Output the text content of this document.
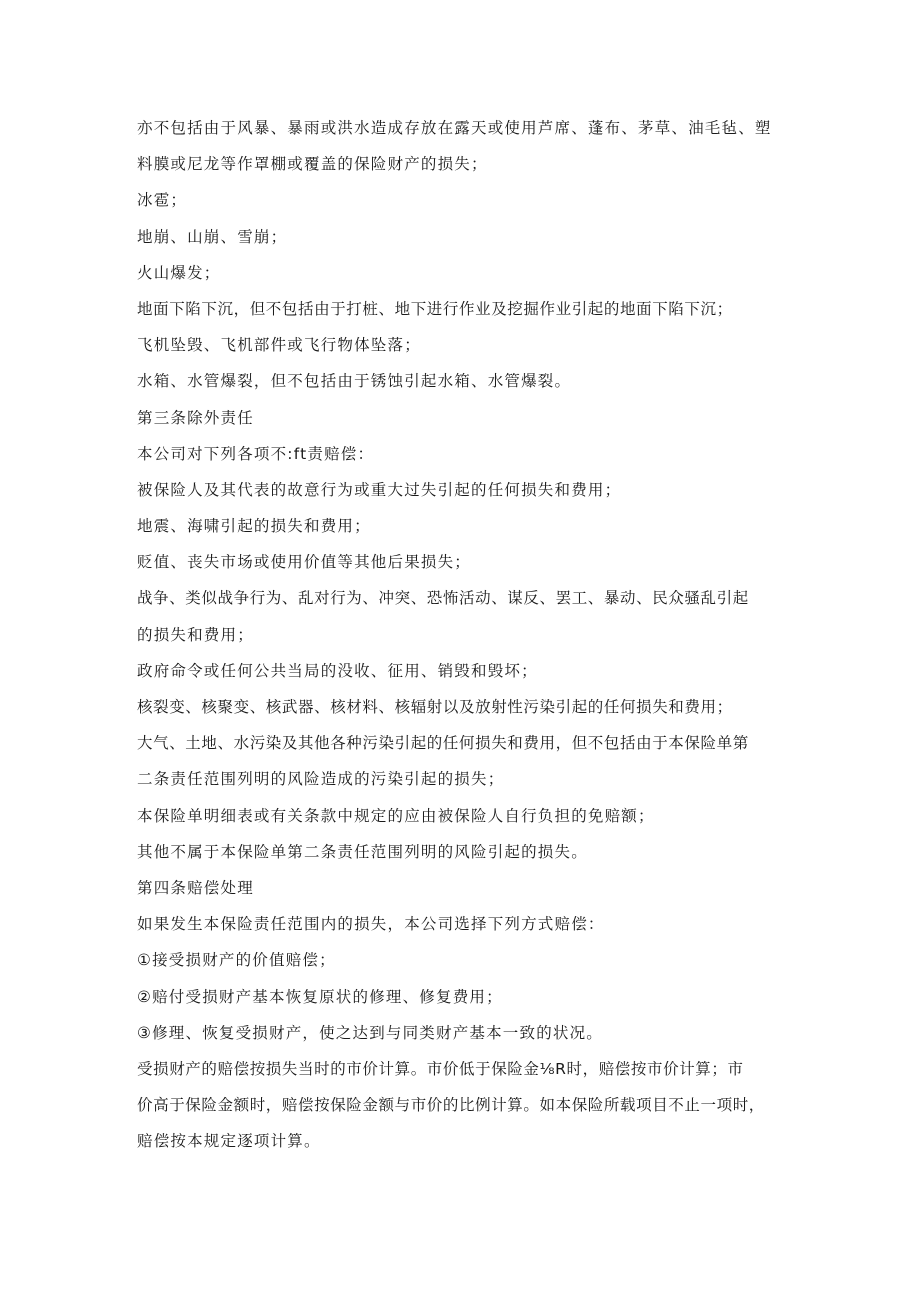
亦不包括由于风暴、暴雨或洪水造成存放在露天或使用芦席、蓬布、茅草、油毛毡、塑
料膜或尼龙等作罩棚或覆盖的保险财产的损失；
冰雹；
地崩、山崩、雪崩；
火山爆发；
地面下陷下沉，但不包括由于打桩、地下进行作业及挖掘作业引起的地面下陷下沉；
飞机坠毁、飞机部件或飞行物体坠落；
水箱、水管爆裂，但不包括由于锈蚀引起水箱、水管爆裂。
第三条除外责任
本公司对下列各项不:ft责赔偿：
被保险人及其代表的故意行为或重大过失引起的任何损失和费用；
地震、海啸引起的损失和费用；
贬值、丧失市场或使用价值等其他后果损失；
战争、类似战争行为、乱对行为、冲突、恐怖活动、谋反、罢工、暴动、民众骚乱引起
的损失和费用；
政府命令或任何公共当局的没收、征用、销毁和毁坏；
核裂变、核聚变、核武器、核材料、核辐射以及放射性污染引起的任何损失和费用；
大气、土地、水污染及其他各种污染引起的任何损失和费用，但不包括由于本保险单第
二条责任范围列明的风险造成的污染引起的损失；
本保险单明细表或有关条款中规定的应由被保险人自行负担的免赔额；
其他不属于本保险单第二条责任范围列明的风险引起的损失。
第四条赔偿处理
如果发生本保险责任范围内的损失，本公司选择下列方式赔偿：
①接受损财产的价值赔偿；
②赔付受损财产基本恢复原状的修理、修复费用；
③修理、恢复受损财产，使之达到与同类财产基本一致的状况。
受损财产的赔偿按损失当时的市价计算。市价低于保险金⅛R时，赔偿按市价计算；市
价高于保险金额时，赔偿按保险金额与市价的比例计算。如本保险所载项目不止一项时，
赔偿按本规定逐项计算。
